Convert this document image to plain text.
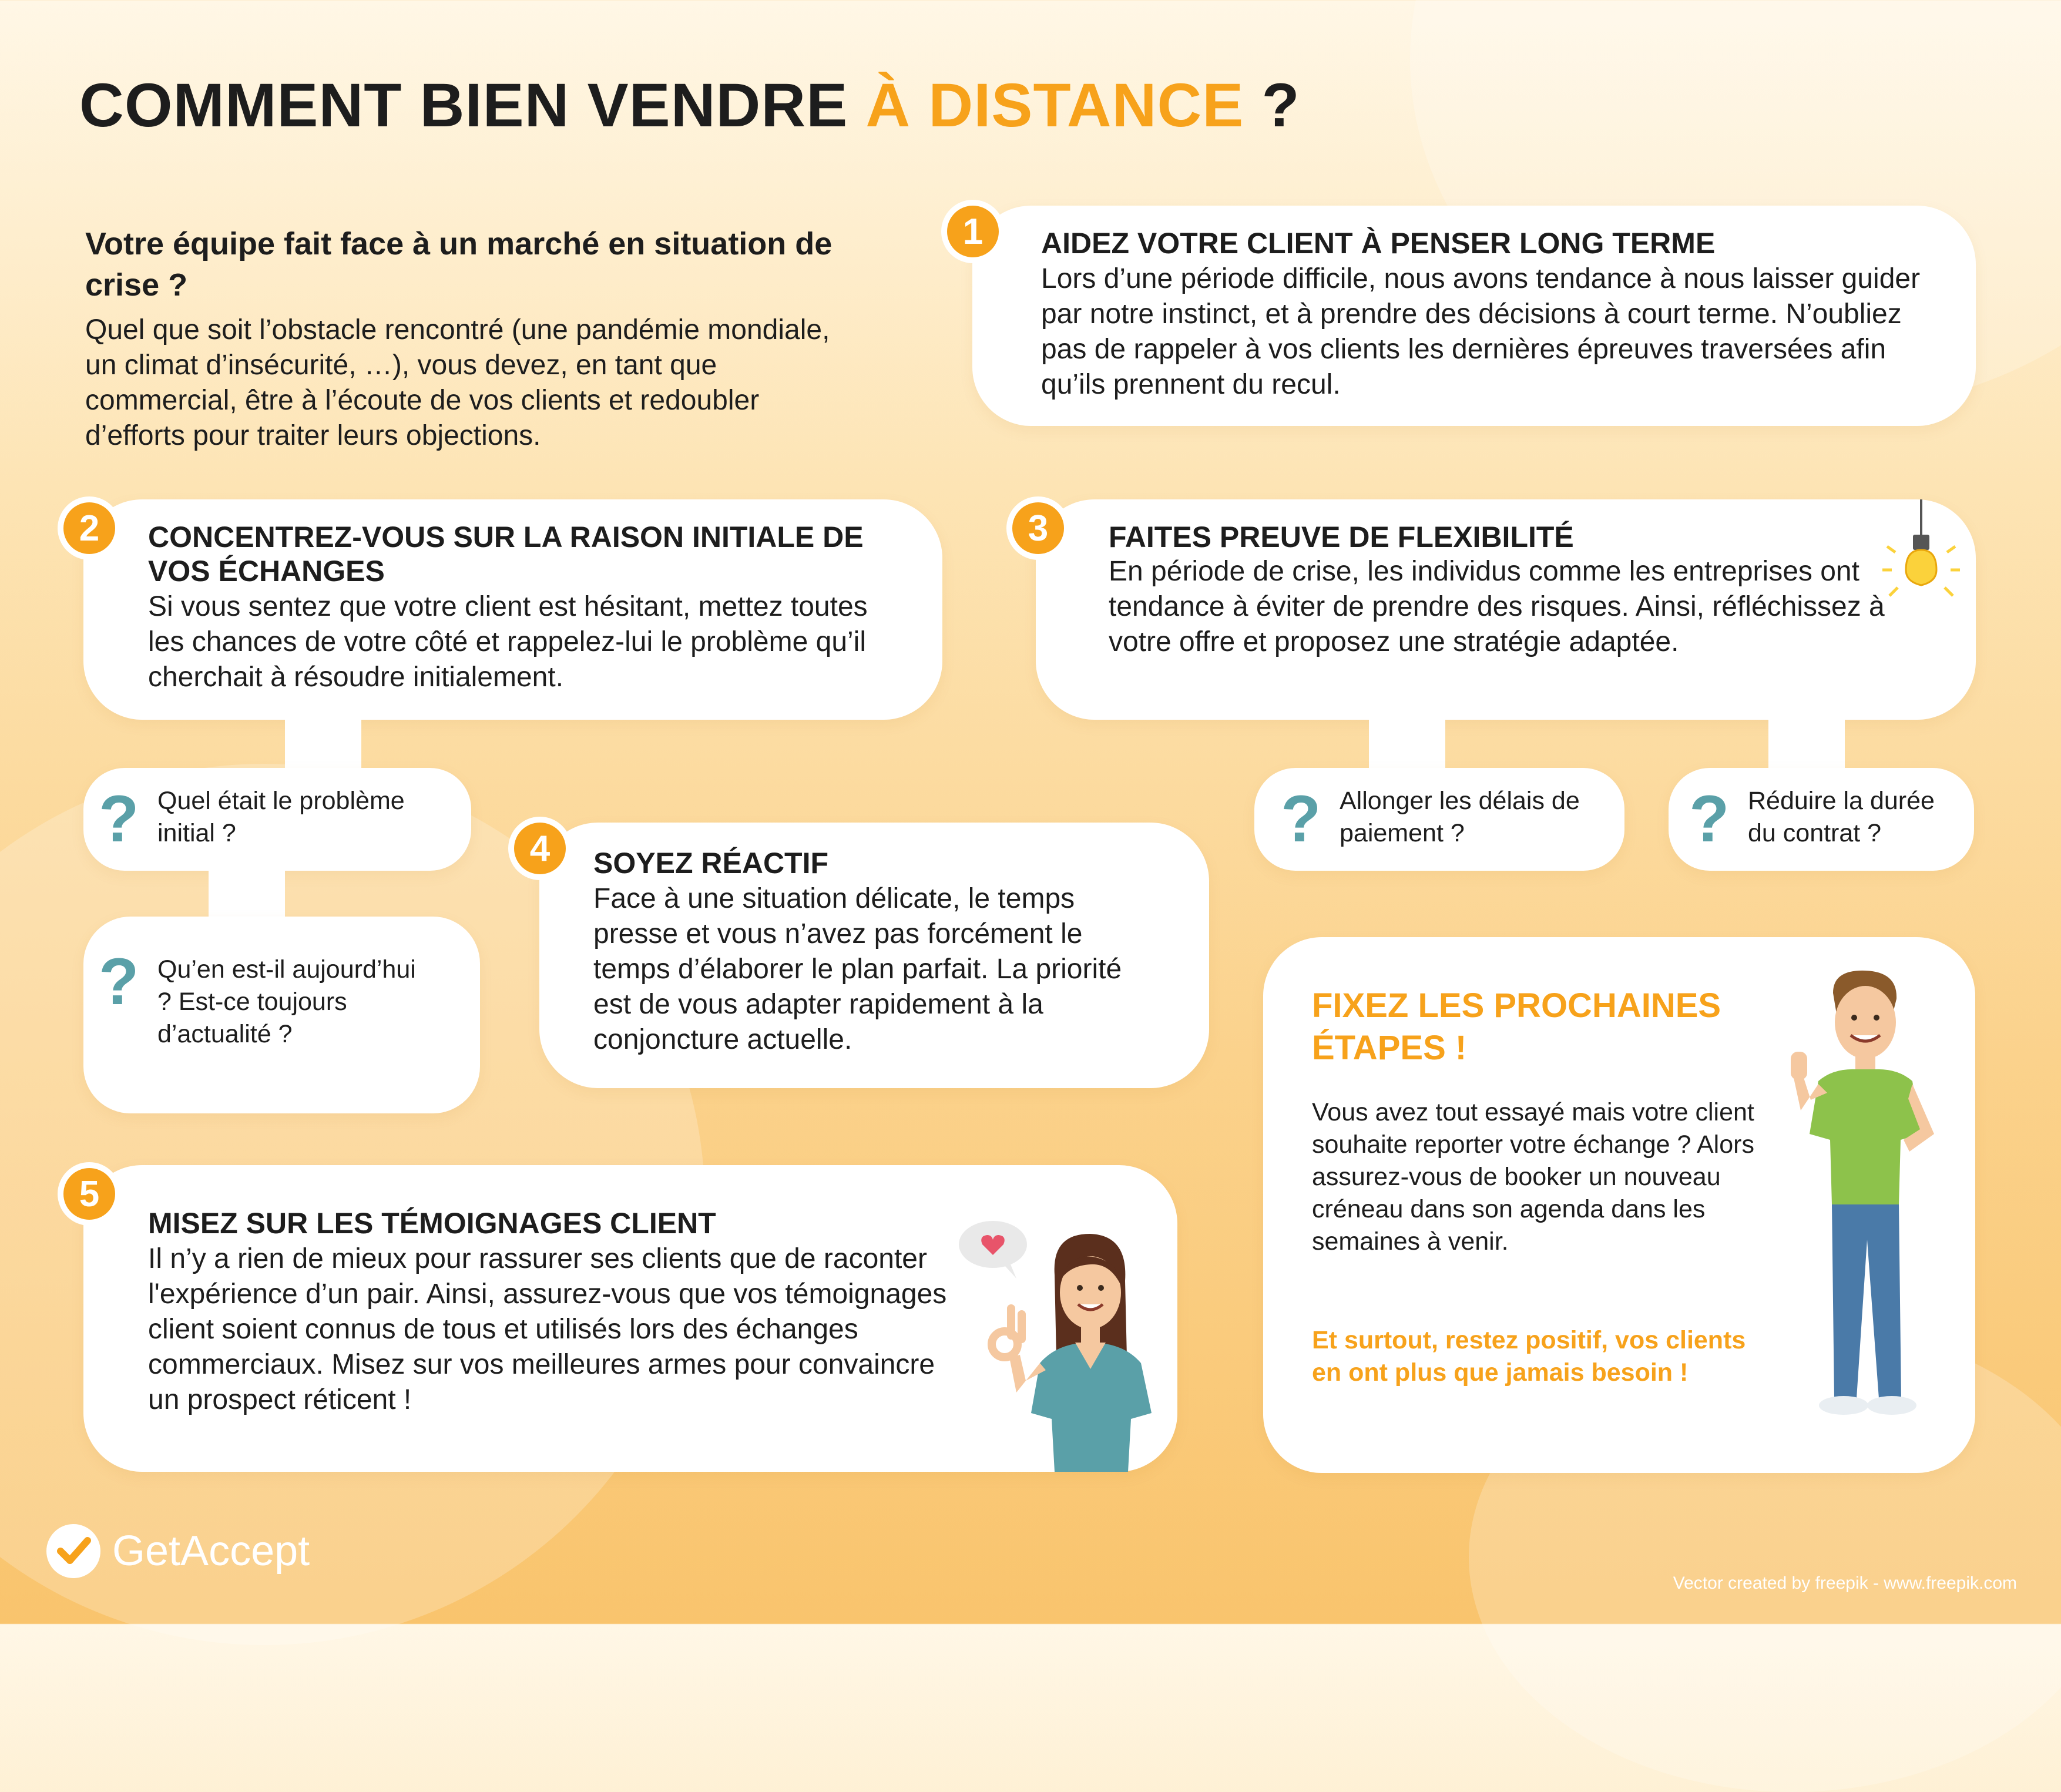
COMMENT BIEN VENDRE À DISTANCE ?

Votre équipe fait face à un marché en situation de crise ?

Quel que soit l’obstacle rencontré (une pandémie mondiale, un climat d’insécurité, …), vous devez, en tant que commercial, être à l’écoute de vos clients et redoubler d’efforts pour traiter leurs objections.

1	AIDEZ VOTRE CLIENT À PENSER LONG TERME

Lors d’une période difficile, nous avons tendance à nous laisser guider par notre instinct, et à prendre des décisions à court terme. N’oubliez pas de rappeler à vos clients les dernières épreuves traversées afin qu’ils prennent du recul.

2	CONCENTREZ-VOUS SUR LA RAISON INITIALE DE VOS ÉCHANGES

Si vous sentez que votre client est hésitant, mettez toutes les chances de votre côté et rappelez-lui le problème qu’il cherchait à résoudre initialement.

? Quel était le problème initial ?

? Qu’en est-il aujourd’hui ? Est-ce toujours d’actualité ?

3	FAITES PREUVE DE FLEXIBILITÉ

En période de crise, les individus comme les entreprises ont tendance à éviter de prendre des risques. Ainsi, réfléchissez à votre offre et proposez une stratégie adaptée.

? Allonger les délais de paiement ?	? Réduire la durée du contrat ?

4	SOYEZ RÉACTIF

Face à une situation délicate, le temps presse et vous n’avez pas forcément le temps d’élaborer le plan parfait. La priorité est de vous adapter rapidement à la conjoncture actuelle.

FIXEZ LES PROCHAINES ÉTAPES !

Vous avez tout essayé mais votre client souhaite reporter votre échange ? Alors assurez-vous de booker un nouveau créneau dans son agenda dans les semaines à venir.

Et surtout, restez positif, vos clients en ont plus que jamais besoin !

5

MISEZ SUR LES TÉMOIGNAGES CLIENT

Il n’y a rien de mieux pour rassurer ses clients que de raconter l'expérience d’un pair. Ainsi, assurez-vous que vos témoignages client soient connus de tous et utilisés lors des échanges commerciaux. Misez sur vos meilleures armes pour convaincre un prospect réticent !

GetAccept
Vector created by freepik - www.freepik.com
